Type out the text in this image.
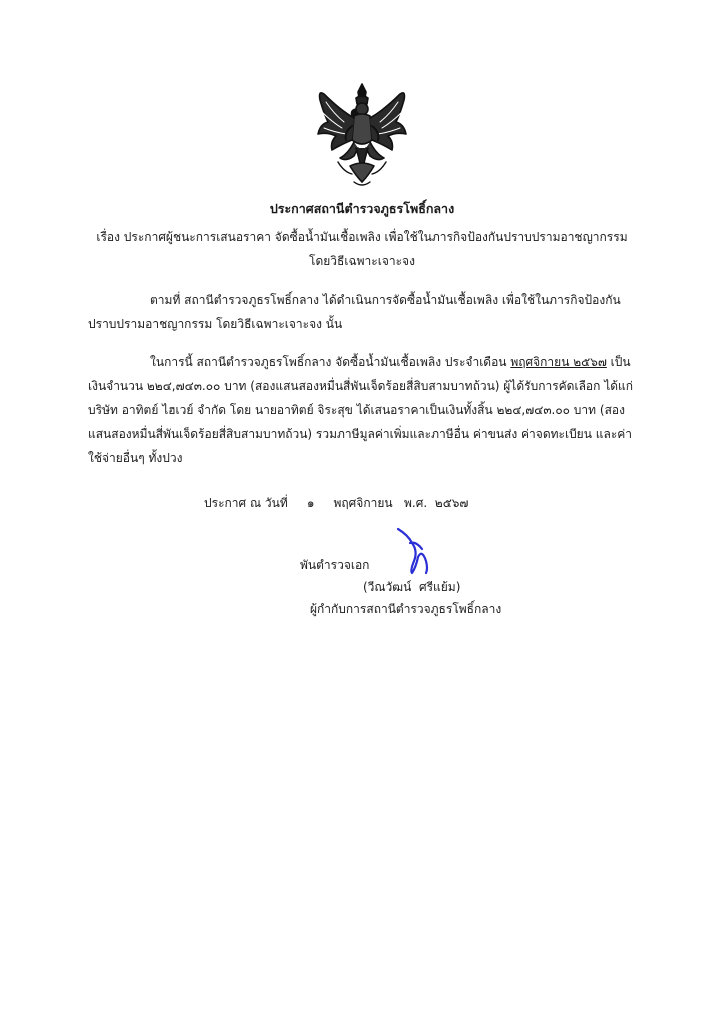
ประกาศสถานีตำรวจภูธรโพธิ์กลาง
เรื่อง ประกาศผู้ชนะการเสนอราคา จัดซื้อน้ำมันเชื้อเพลิง เพื่อใช้ในภารกิจป้องกันปราบปรามอาชญากรรม
โดยวิธีเฉพาะเจาะจง
ตามที่ สถานีตำรวจภูธรโพธิ์กลาง ได้ดำเนินการจัดซื้อน้ำมันเชื้อเพลิง เพื่อใช้ในภารกิจป้องกันปราบปรามอาชญากรรม โดยวิธีเฉพาะเจาะจง นั้น
ในการนี้ สถานีตำรวจภูธรโพธิ์กลาง จัดซื้อน้ำมันเชื้อเพลิง ประจำเดือน พฤศจิกายน ๒๕๖๗ เป็นเงินจำนวน ๒๒๔,๗๔๓.๐๐ บาท (สองแสนสองหมื่นสี่พันเจ็ดร้อยสี่สิบสามบาทถ้วน) ผู้ได้รับการคัดเลือก ได้แก่ บริษัท อาทิตย์ ไฮเวย์ จำกัด โดย นายอาทิตย์ จิระสุข ได้เสนอราคาเป็นเงินทั้งสิ้น ๒๒๔,๗๔๓.๐๐ บาท (สองแสนสองหมื่นสี่พันเจ็ดร้อยสี่สิบสามบาทถ้วน) รวมภาษีมูลค่าเพิ่มและภาษีอื่น ค่าขนส่ง ค่าจดทะเบียน และค่าใช้จ่ายอื่นๆ ทั้งปวง
ประกาศ ณ วันที่     ๑     พฤศจิกายน   พ.ศ.  ๒๕๖๗
พันตำรวจเอก
(วีณวัฒน์  ศรีแย้ม)
ผู้กำกับการสถานีตำรวจภูธรโพธิ์กลาง
